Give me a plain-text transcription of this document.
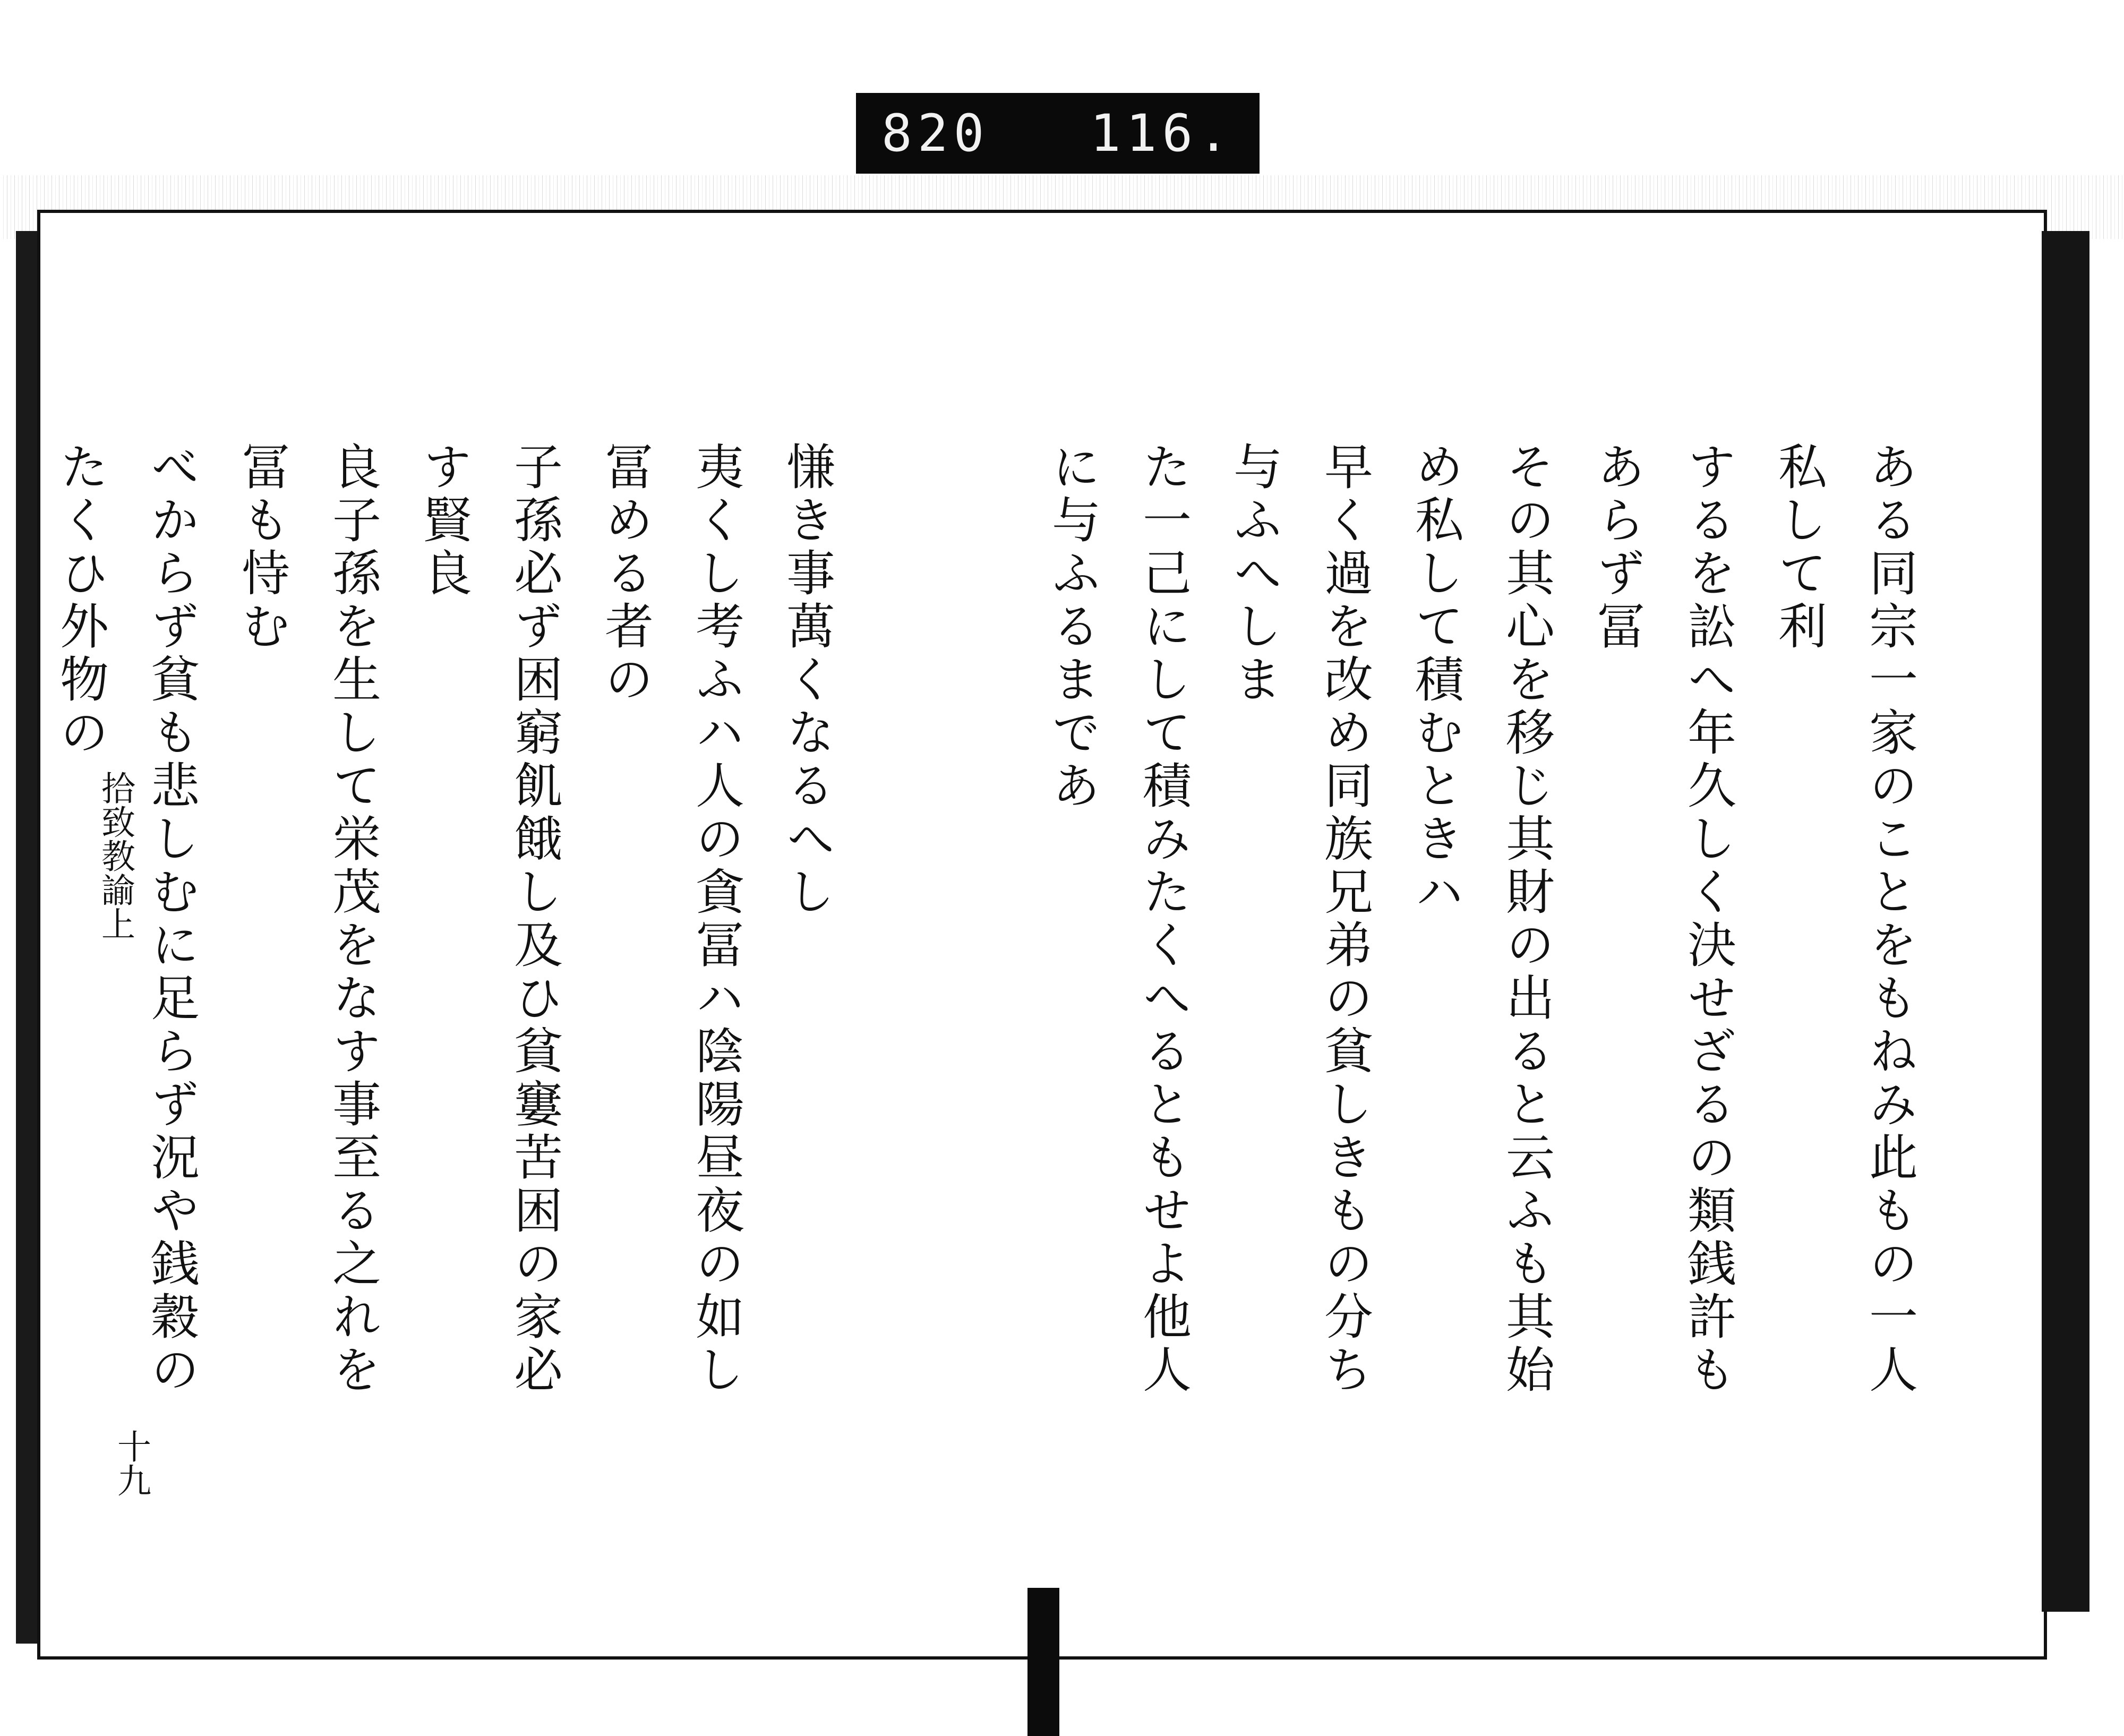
820 116.
拾致教諭上
十九
慊き事萬くなるへし
夷くし考ふハ人の貪冨ハ陰陽昼夜の如し冨める者の
子孫必ず困窮飢餓し及ひ貧窶苦困の家必す賢良
良子孫を生して栄茂をなす事至る之れを冨も恃む
べからず貧も悲しむに足らず況や銭穀のたくひ外物の	ある同宗一家のことをもねみ此もの一人私して利
するを訟へ年久しく決せざるの類銭許もあらず冨
その其心を移じ其財の出ると云ふも其始め私して積むときハ
早く過を改め同族兄弟の貧しきもの分ち与ふへしま
た一己にして積みたくへるともせよ他人に与ふるまであ
